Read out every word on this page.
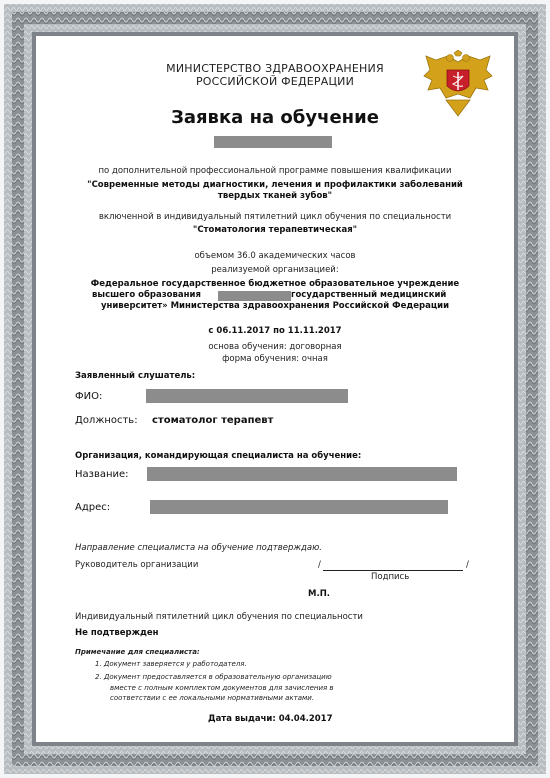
МИНИСТЕРСТВО ЗДРАВООХРАНЕНИЯ
РОССИЙСКОЙ ФЕДЕРАЦИИ
Заявка на обучение
по дополнительной профессиональной программе повышения квалификации
"Современные методы диагностики, лечения и профилактики заболеваний
твердых тканей зубов"
включенной в индивидуальный пятилетний цикл обучения по специальности
"Стоматология терапевтическая"
объемом 36.0 академических часов
реализуемой организацией:
Федеральное государственное бюджетное образовательное учреждение
высшего образования	государственный медицинский
университет» Министерства здравоохранения Российской Федерации
с 06.11.2017 по 11.11.2017
основа обучения: договорная
форма обучения: очная
Заявленный слушатель:
ФИО:
Должность: стоматолог терапевт
Организация, командирующая специалиста на обучение:
Название:
Адрес:
Направление специалиста на обучение подтверждаю.
Руководитель организации	/	/
Подпись
М.П.
Индивидуальный пятилетний цикл обучения по специальности
Не подтвержден
Примечание для специалиста:
1. Документ заверяется у работодателя.
2. Документ предоставляется в образовательную организацию
вместе с полным комплектом документов для зачисления в
соответствии с ее локальными нормативными актами.
Дата выдачи: 04.04.2017
